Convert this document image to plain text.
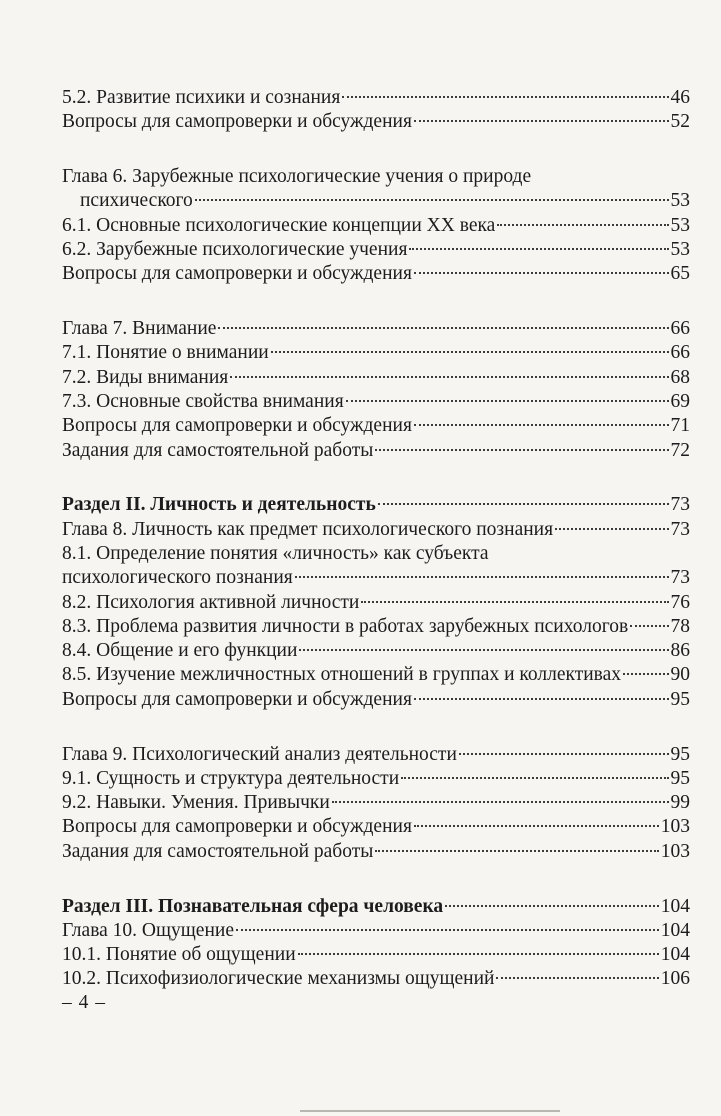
5.2. Развитие психики и сознания	46
Вопросы для самопроверки и обсуждения	52
Глава 6. Зарубежные психологические учения о природе
психического	53
6.1. Основные психологические концепции XX века	53
6.2. Зарубежные психологические учения	53
Вопросы для самопроверки и обсуждения	65
Глава 7. Внимание	66
7.1. Понятие о внимании	66
7.2. Виды внимания	68
7.3. Основные свойства внимания	69
Вопросы для самопроверки и обсуждения	71
Задания для самостоятельной работы	72
Раздел II. Личность и деятельность	73
Глава 8. Личность как предмет психологического познания	73
8.1. Определение понятия «личность» как субъекта
психологического познания	73
8.2. Психология активной личности	76
8.3. Проблема развития личности в работах зарубежных психологов 78
8.4. Общение и его функции	86
8.5. Изучение межличностных отношений в группах и коллективах	90
Вопросы для самопроверки и обсуждения	95
Глава 9. Психологический анализ деятельности	95
9.1. Сущность и структура деятельности	95
9.2. Навыки. Умения. Привычки	99
Вопросы для самопроверки и обсуждения	103
Задания для самостоятельной работы	103
Раздел III. Познавательная сфера человека	104
Глава 10. Ощущение	104
10.1. Понятие об ощущении	104
10.2. Психофизиологические механизмы ощущений	106
– 4 –
